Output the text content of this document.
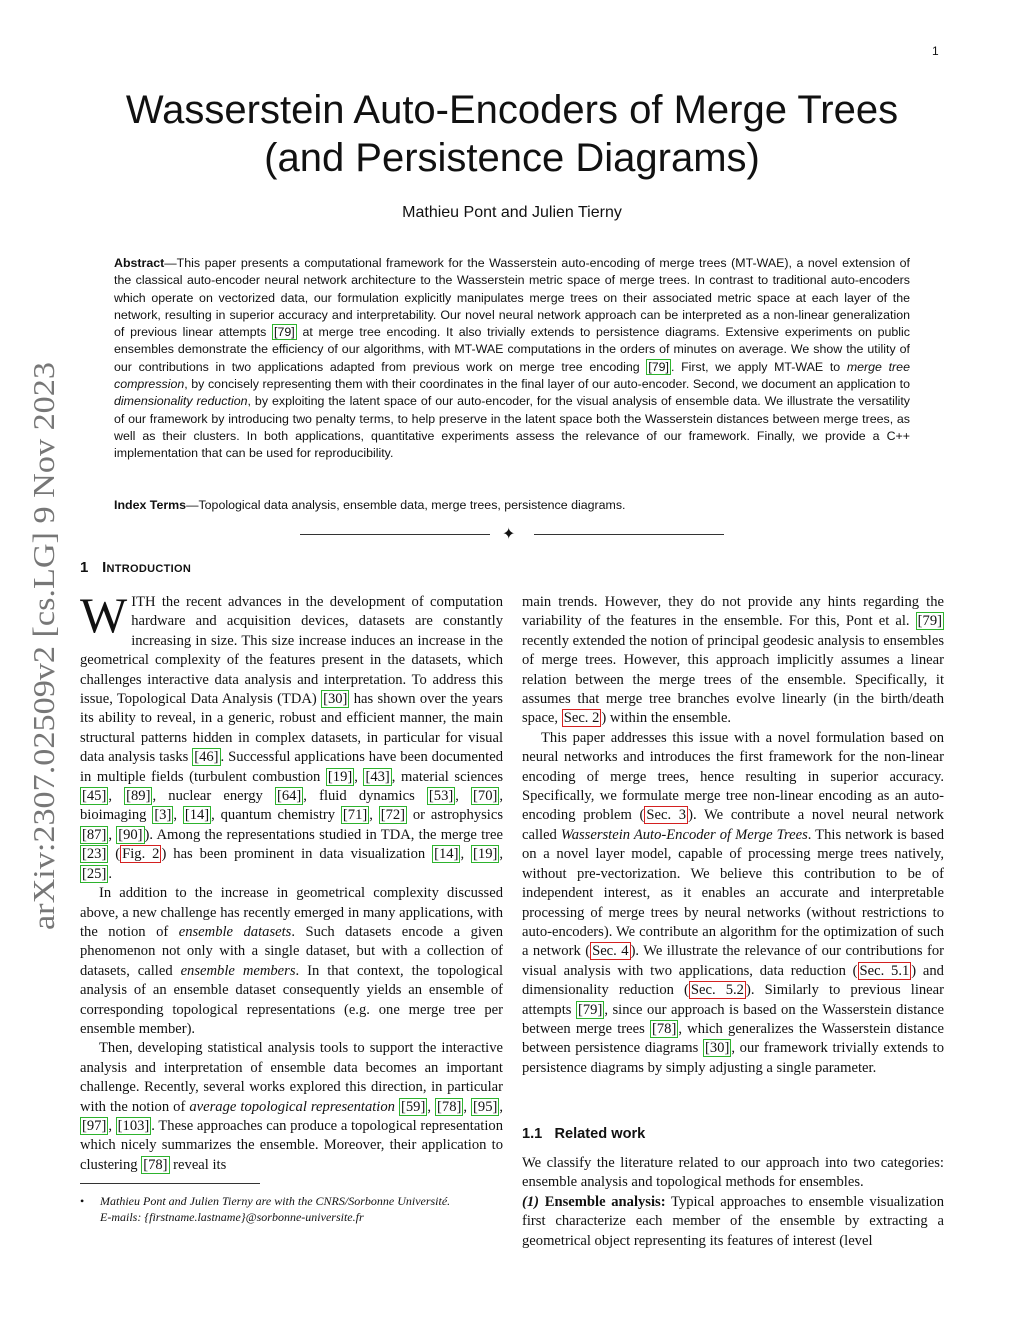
1
arXiv:2307.02509v2 [cs.LG] 9 Nov 2023
Wasserstein Auto-Encoders of Merge Trees
(and Persistence Diagrams)
Mathieu Pont and Julien Tierny
Abstract—This paper presents a computational framework for the Wasserstein auto-encoding of merge trees (MT-WAE), a novel extension of the classical auto-encoder neural network architecture to the Wasserstein metric space of merge trees. In contrast to traditional auto-encoders which operate on vectorized data, our formulation explicitly manipulates merge trees on their associated metric space at each layer of the network, resulting in superior accuracy and interpretability. Our novel neural network approach can be interpreted as a non-linear generalization of previous linear attempts [79] at merge tree encoding. It also trivially extends to persistence diagrams. Extensive experiments on public ensembles demonstrate the efficiency of our algorithms, with MT-WAE computations in the orders of minutes on average. We show the utility of our contributions in two applications adapted from previous work on merge tree encoding [79] . First, we apply MT-WAE to merge tree compression, by concisely representing them with their coordinates in the final layer of our auto-encoder. Second, we document an application to dimensionality reduction, by exploiting the latent space of our auto-encoder, for the visual analysis of ensemble data. We illustrate the versatility of our framework by introducing two penalty terms, to help preserve in the latent space both the Wasserstein distances between merge trees, as well as their clusters. In both applications, quantitative experiments assess the relevance of our framework. Finally, we provide a C++ implementation that can be used for reproducibility.
Index Terms—Topological data analysis, ensemble data, merge trees, persistence diagrams.
✦
1 Introduction

WITH the recent advances in the development of computation hardware and acquisition devices, datasets are constantly increasing in size. This size increase induces an increase in the geometrical complexity of the features present in the datasets, which challenges interactive data analysis and interpretation. To address this issue, Topological Data Analysis (TDA) [30] has shown over the years its ability to reveal, in a generic, robust and efficient manner, the main structural patterns hidden in complex datasets, in particular for visual data analysis tasks [46] . Successful applications have been documented in multiple fields (turbulent combustion [19] , [43] , material sciences [45] , [89] , nuclear energy [64] , fluid dynamics [53] , [70] , bioimaging [3] , [14] , quantum chemistry [71] , [72] or astrophysics [87] , [90] ). Among the representations studied in TDA, the merge tree [23] ( Fig. 2 ) has been prominent in data visualization [14] , [19] , [25] .

In addition to the increase in geometrical complexity discussed above, a new challenge has recently emerged in many applications, with the notion of ensemble datasets. Such datasets encode a given phenomenon not only with a single dataset, but with a collection of datasets, called ensemble members. In that context, the topological analysis of an ensemble dataset consequently yields an ensemble of corresponding topological representations (e.g. one merge tree per ensemble member).

Then, developing statistical analysis tools to support the interactive analysis and interpretation of ensemble data becomes an important challenge. Recently, several works explored this direction, in particular with the notion of average topological representation [59] , [78] , [95] , [97] , [103] . These approaches can produce a topological representation which nicely summarizes the ensemble. Moreover, their application to clustering [78] reveal its

main trends. However, they do not provide any hints regarding the variability of the features in the ensemble. For this, Pont et al. [79] recently extended the notion of principal geodesic analysis to ensembles of merge trees. However, this approach implicitly assumes a linear relation between the merge trees of the ensemble. Specifically, it assumes that merge tree branches evolve linearly (in the birth/death space, Sec. 2 ) within the ensemble.

This paper addresses this issue with a novel formulation based on neural networks and introduces the first framework for the non-linear encoding of merge trees, hence resulting in superior accuracy. Specifically, we formulate merge tree non-linear encoding as an auto-encoding problem ( Sec. 3 ). We contribute a novel neural network called Wasserstein Auto-Encoder of Merge Trees. This network is based on a novel layer model, capable of processing merge trees natively, without pre-vectorization. We believe this contribution to be of independent interest, as it enables an accurate and interpretable processing of merge trees by neural networks (without restrictions to auto-encoders). We contribute an algorithm for the optimization of such a network ( Sec. 4 ). We illustrate the relevance of our contributions for visual analysis with two applications, data reduction ( Sec. 5.1 ) and dimensionality reduction ( Sec. 5.2 ). Similarly to previous linear attempts [79] , since our approach is based on the Wasserstein distance between merge trees [78] , which generalizes the Wasserstein distance between persistence diagrams [30] , our framework trivially extends to persistence diagrams by simply adjusting a single parameter.

1.1 Related work

We classify the literature related to our approach into two categories: ensemble analysis and topological methods for ensembles.

(1) Ensemble analysis: Typical approaches to ensemble visualization first characterize each member of the ensemble by extracting a geometrical object representing its features of interest (level

• Mathieu Pont and Julien Tierny are with the CNRS/Sorbonne Université.
E-mails: {firstname.lastname}@sorbonne-universite.fr
